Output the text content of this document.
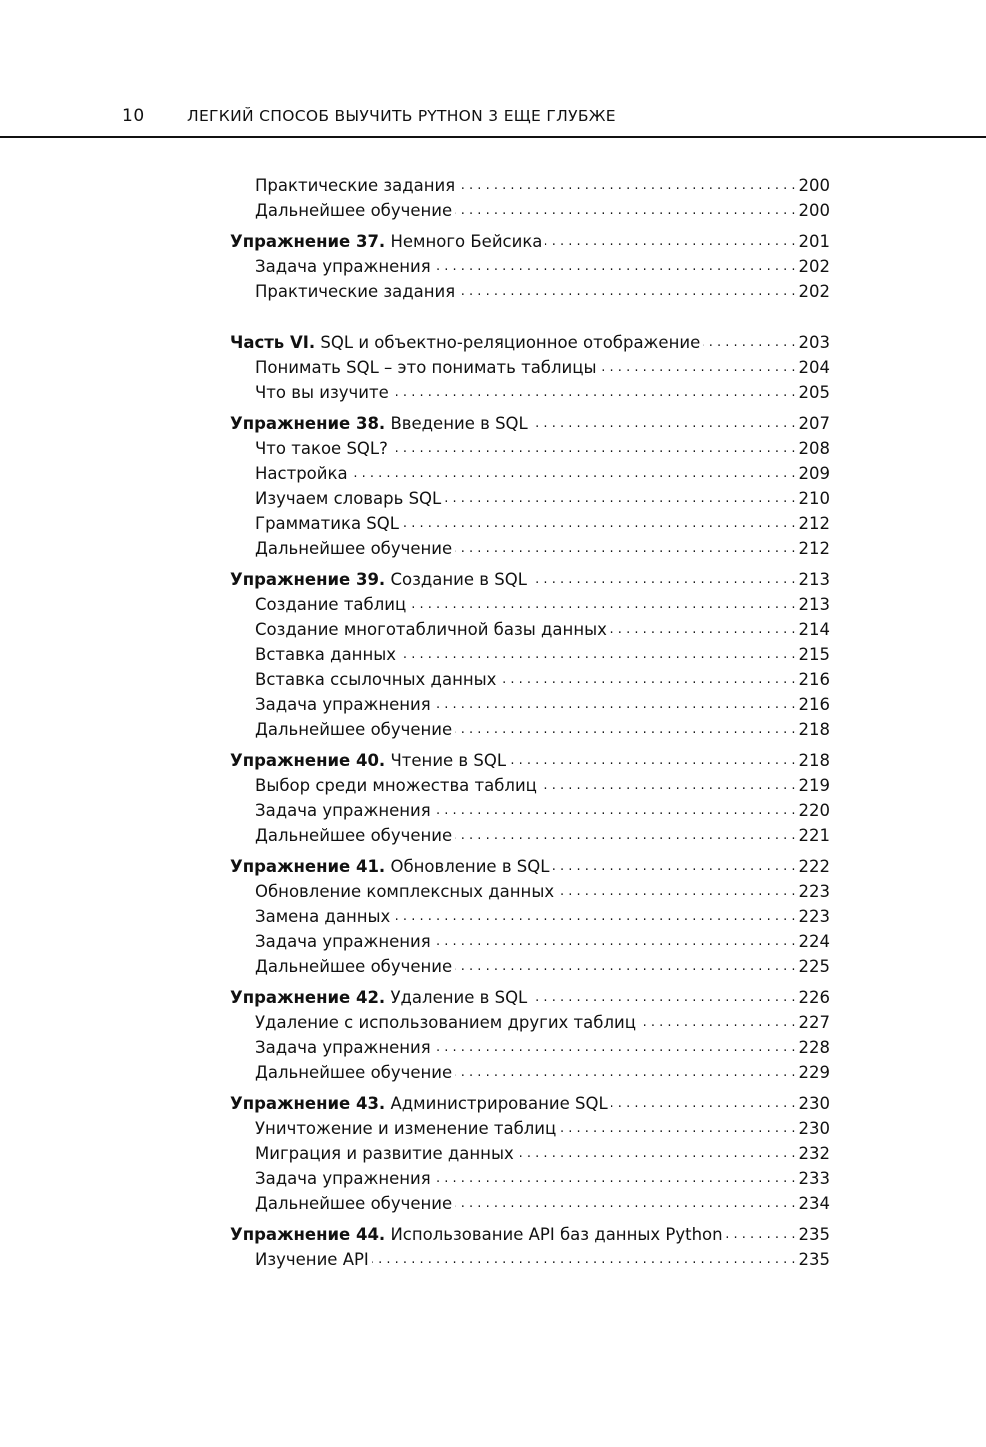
10	ЛЕГКИЙ СПОСОБ ВЫУЧИТЬ PYTHON 3 ЕЩЕ ГЛУБЖЕ
Практические задания . . .	200
Дальнейшее обучение . . .	200
Упражнение 37. Немного Бейсика . . .	201
Задача упражнения . . .	202
Практические задания . . .	202
Часть VI. SQL и объектно-реляционное отображение . . .	203
Понимать SQL – это понимать таблицы . . .	204
Что вы изучите . . .	205
Упражнение 38. Введение в SQL . . .	207
Что такое SQL? . . .	208
Настройка . . .	209
Изучаем словарь SQL . . .	210
Грамматика SQL . . .	212
Дальнейшее обучение . . .	212
Упражнение 39. Создание в SQL . . .	213
Создание таблиц . . .	213
Создание многотабличной базы данных . . .	214
Вставка данных . . .	215
Вставка ссылочных данных . . .	216
Задача упражнения . . .	216
Дальнейшее обучение . . .	218
Упражнение 40. Чтение в SQL . . .	218
Выбор среди множества таблиц . . .	219
Задача упражнения . . .	220
Дальнейшее обучение . . .	221
Упражнение 41. Обновление в SQL . . .	222
Обновление комплексных данных . . .	223
Замена данных . . .	223
Задача упражнения . . .	224
Дальнейшее обучение . . .	225
Упражнение 42. Удаление в SQL . . .	226
Удаление с использованием других таблиц . . .	227
Задача упражнения . . .	228
Дальнейшее обучение . . .	229
Упражнение 43. Администрирование SQL . . .	230
Уничтожение и изменение таблиц . . .	230
Миграция и развитие данных . . .	232
Задача упражнения . . .	233
Дальнейшее обучение . . .	234
Упражнение 44. Использование API баз данных Python . . .	235
Изучение API . . .	235
